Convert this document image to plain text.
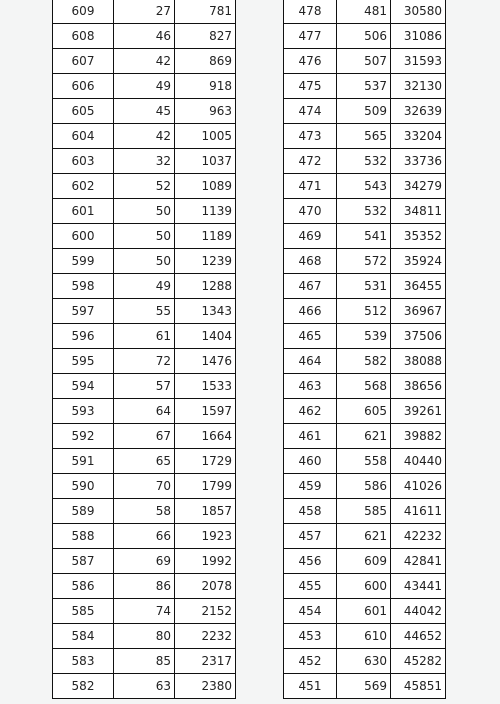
609	27	781
608	46	827
607	42	869
606	49	918
605	45	963
604	42	1005
603	32	1037
602	52	1089
601	50	1139
600	50	1189
599	50	1239
598	49	1288
597	55	1343
596	61	1404
595	72	1476
594	57	1533
593	64	1597
592	67	1664
591	65	1729
590	70	1799
589	58	1857
588	66	1923
587	69	1992
586	86	2078
585	74	2152
584	80	2232
583	85	2317
582	63	2380
478	481	30580
477	506	31086
476	507	31593
475	537	32130
474	509	32639
473	565	33204
472	532	33736
471	543	34279
470	532	34811
469	541	35352
468	572	35924
467	531	36455
466	512	36967
465	539	37506
464	582	38088
463	568	38656
462	605	39261
461	621	39882
460	558	40440
459	586	41026
458	585	41611
457	621	42232
456	609	42841
455	600	43441
454	601	44042
453	610	44652
452	630	45282
451	569	45851
